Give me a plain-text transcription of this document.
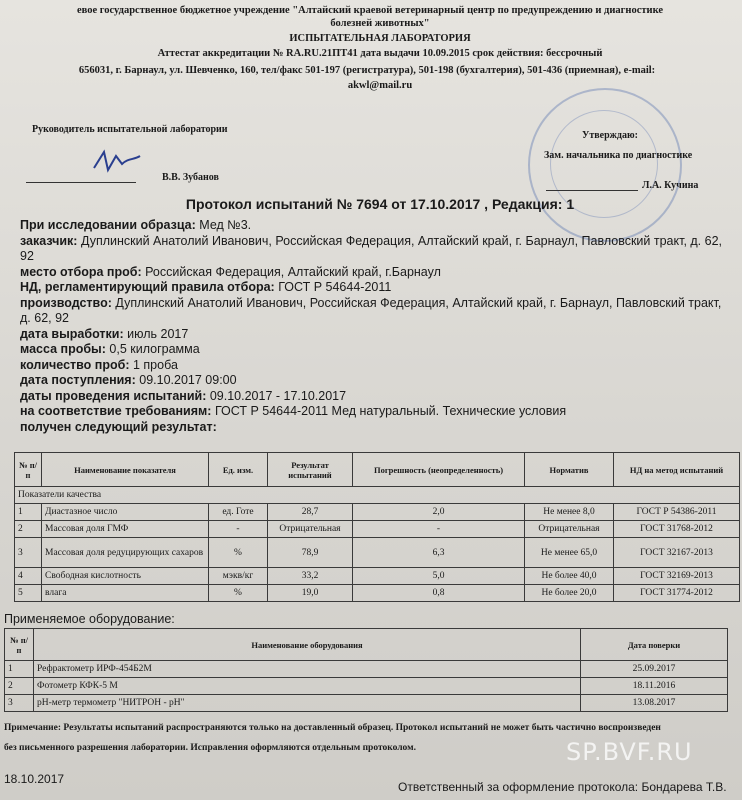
евое государственное бюджетное учреждение "Алтайский краевой ветеринарный центр по предупреждению и диагностике
болезней животных"
ИСПЫТАТЕЛЬНАЯ ЛАБОРАТОРИЯ
Аттестат аккредитации № RA.RU.21ПТ41 дата выдачи 10.09.2015 срок действия: бессрочный
656031, г. Барнаул, ул. Шевченко, 160, тел/факс 501-197 (регистратура), 501-198 (бухгалтерия), 501-436 (приемная), e-mail:
akwl@mail.ru
Руководитель испытательной лаборатории
В.В. Зубанов
Утверждаю:
Зам. начальника по диагностике
Л.А. Кучина
Протокол испытаний № 7694 от 17.10.2017 , Редакция: 1
При исследовании образца: Мед №3.
заказчик: Дуплинский Анатолий Иванович, Российская Федерация, Алтайский край, г. Барнаул, Павловский тракт, д. 62, 92
место отбора проб: Российская Федерация, Алтайский край, г.Барнаул
НД, регламентирующий правила отбора: ГОСТ Р 54644-2011
производство: Дуплинский Анатолий Иванович, Российская Федерация, Алтайский край, г. Барнаул, Павловский тракт, д. 62, 92
дата выработки: июль 2017
масса пробы: 0,5 килограмма
количество проб: 1 проба
дата поступления: 09.10.2017 09:00
даты проведения испытаний: 09.10.2017 - 17.10.2017
на соответствие требованиям: ГОСТ Р 54644-2011 Мед натуральный. Технические условия
получен следующий результат:
№ п/п	Наименование показателя	Ед. изм.	Результат испытаний	Погрешность (неопределенность)	Норматив	НД на метод испытаний
Показатели качества						
1	Диастазное число	ед. Готе	28,7	2,0	Не менее 8,0	ГОСТ Р 54386-2011
2	Массовая доля ГМФ	-	Отрицательная	-	Отрицательная	ГОСТ 31768-2012
3	Массовая доля редуцирующих сахаров	%	78,9	6,3	Не менее 65,0	ГОСТ 32167-2013
4	Свободная кислотность	мэкв/кг	33,2	5,0	Не более 40,0	ГОСТ 32169-2013
5	влага	%	19,0	0,8	Не более 20,0	ГОСТ 31774-2012
Применяемое оборудование:
№ п/п	Наименование оборудования	Дата поверки
1	Рефрактометр ИРФ-454Б2М	25.09.2017
2	Фотометр КФК-5 М	18.11.2016
3	pH-метр термометр "НИТРОН - pH"	13.08.2017
Примечание: Результаты испытаний распространяются только на доставленный образец. Протокол испытаний не может быть частично воспроизведен
без письменного разрешения лаборатории. Исправления оформляются отдельным протоколом.	SP.BVF.RU
18.10.2017
Ответственный за оформление протокола: Бондарева Т.В.
